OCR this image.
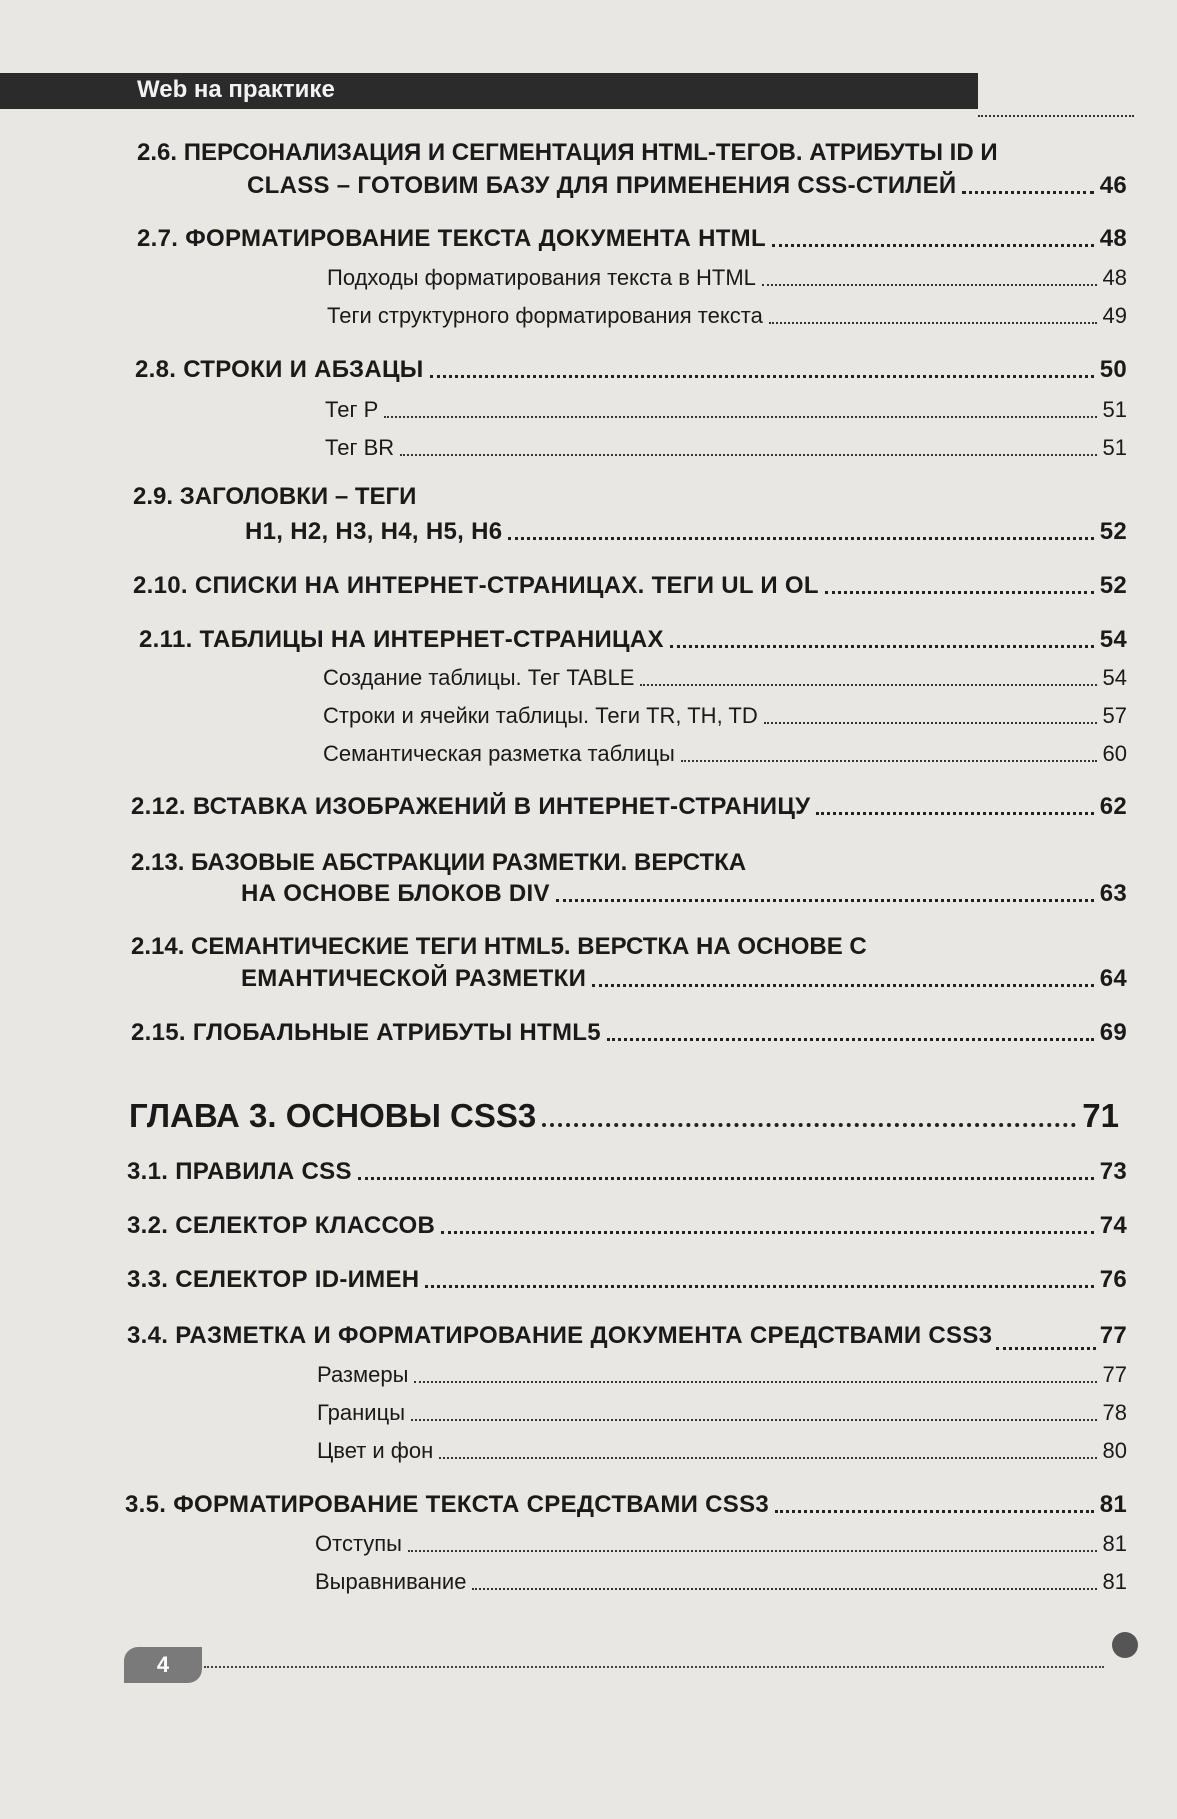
Web на практике
2.6. ПЕРСОНАЛИЗАЦИЯ И СЕГМЕНТАЦИЯ HTML-ТЕГОВ. АТРИБУТЫ ID И
CLASS – ГОТОВИМ БАЗУ ДЛЯ ПРИМЕНЕНИЯ CSS-СТИЛЕЙ	46
2.7. ФОРМАТИРОВАНИЕ ТЕКСТА ДОКУМЕНТА HTML	48
Подходы форматирования текста в HTML	48
Теги структурного форматирования текста	49
2.8. СТРОКИ И АБЗАЦЫ	50
Тег P	51
Тег BR	51
2.9. ЗАГОЛОВКИ – ТЕГИ
H1, H2, H3, H4, H5, H6	52
2.10. СПИСКИ НА ИНТЕРНЕТ-СТРАНИЦАХ. ТЕГИ UL И OL	52
2.11. ТАБЛИЦЫ НА ИНТЕРНЕТ-СТРАНИЦАХ	54
Создание таблицы. Тег TABLE	54
Строки и ячейки таблицы. Теги TR, TH, TD	57
Семантическая разметка таблицы	60
2.12. ВСТАВКА ИЗОБРАЖЕНИЙ В ИНТЕРНЕТ-СТРАНИЦУ	62
2.13. БАЗОВЫЕ АБСТРАКЦИИ РАЗМЕТКИ. ВЕРСТКА
НА ОСНОВЕ БЛОКОВ DIV	63
2.14. СЕМАНТИЧЕСКИЕ ТЕГИ HTML5. ВЕРСТКА НА ОСНОВЕ С
ЕМАНТИЧЕСКОЙ РАЗМЕТКИ	64
2.15. ГЛОБАЛЬНЫЕ АТРИБУТЫ HTML5	69
ГЛАВА 3. ОСНОВЫ CSS3	71
3.1. ПРАВИЛА CSS	73
3.2. СЕЛЕКТОР КЛАССОВ	74
3.3. СЕЛЕКТОР ID-ИМЕН	76
3.4. РАЗМЕТКА И ФОРМАТИРОВАНИЕ ДОКУМЕНТА СРЕДСТВАМИ CSS3	77
Размеры	77
Границы	78
Цвет и фон	80
3.5. ФОРМАТИРОВАНИЕ ТЕКСТА СРЕДСТВАМИ CSS3	81
Отступы	81
Выравнивание	81
4
